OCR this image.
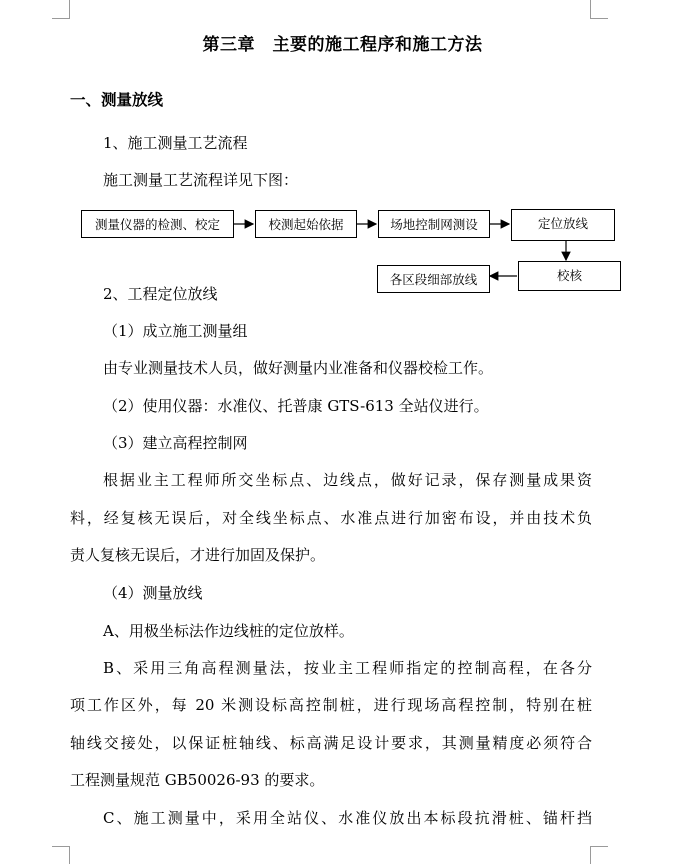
第三章　主要的施工程序和施工方法
一、测量放线
1、施工测量工艺流程
施工测量工艺流程详见下图：
测量仪器的检测、校定	校测起始依据	场地控制网测设	定位放线
校核
各区段细部放线
2、工程定位放线
（1）成立施工测量组
由专业测量技术人员，做好测量内业准备和仪器校检工作。
（2）使用仪器：水准仪、托普康 GTS-613 全站仪进行。
（3）建立高程控制网
根据业主工程师所交坐标点、边线点，做好记录，保存测量成果资
料，经复核无误后，对全线坐标点、水准点进行加密布设，并由技术负
责人复核无误后，才进行加固及保护。
（4）测量放线
A、用极坐标法作边线桩的定位放样。
B、采用三角高程测量法，按业主工程师指定的控制高程，在各分
项工作区外，每 20 米测设标高控制桩，进行现场高程控制，特别在桩
轴线交接处，以保证桩轴线、标高满足设计要求，其测量精度必须符合
工程测量规范 GB50026-93 的要求。
C、施工测量中，采用全站仪、水准仪放出本标段抗滑桩、锚杆挡
